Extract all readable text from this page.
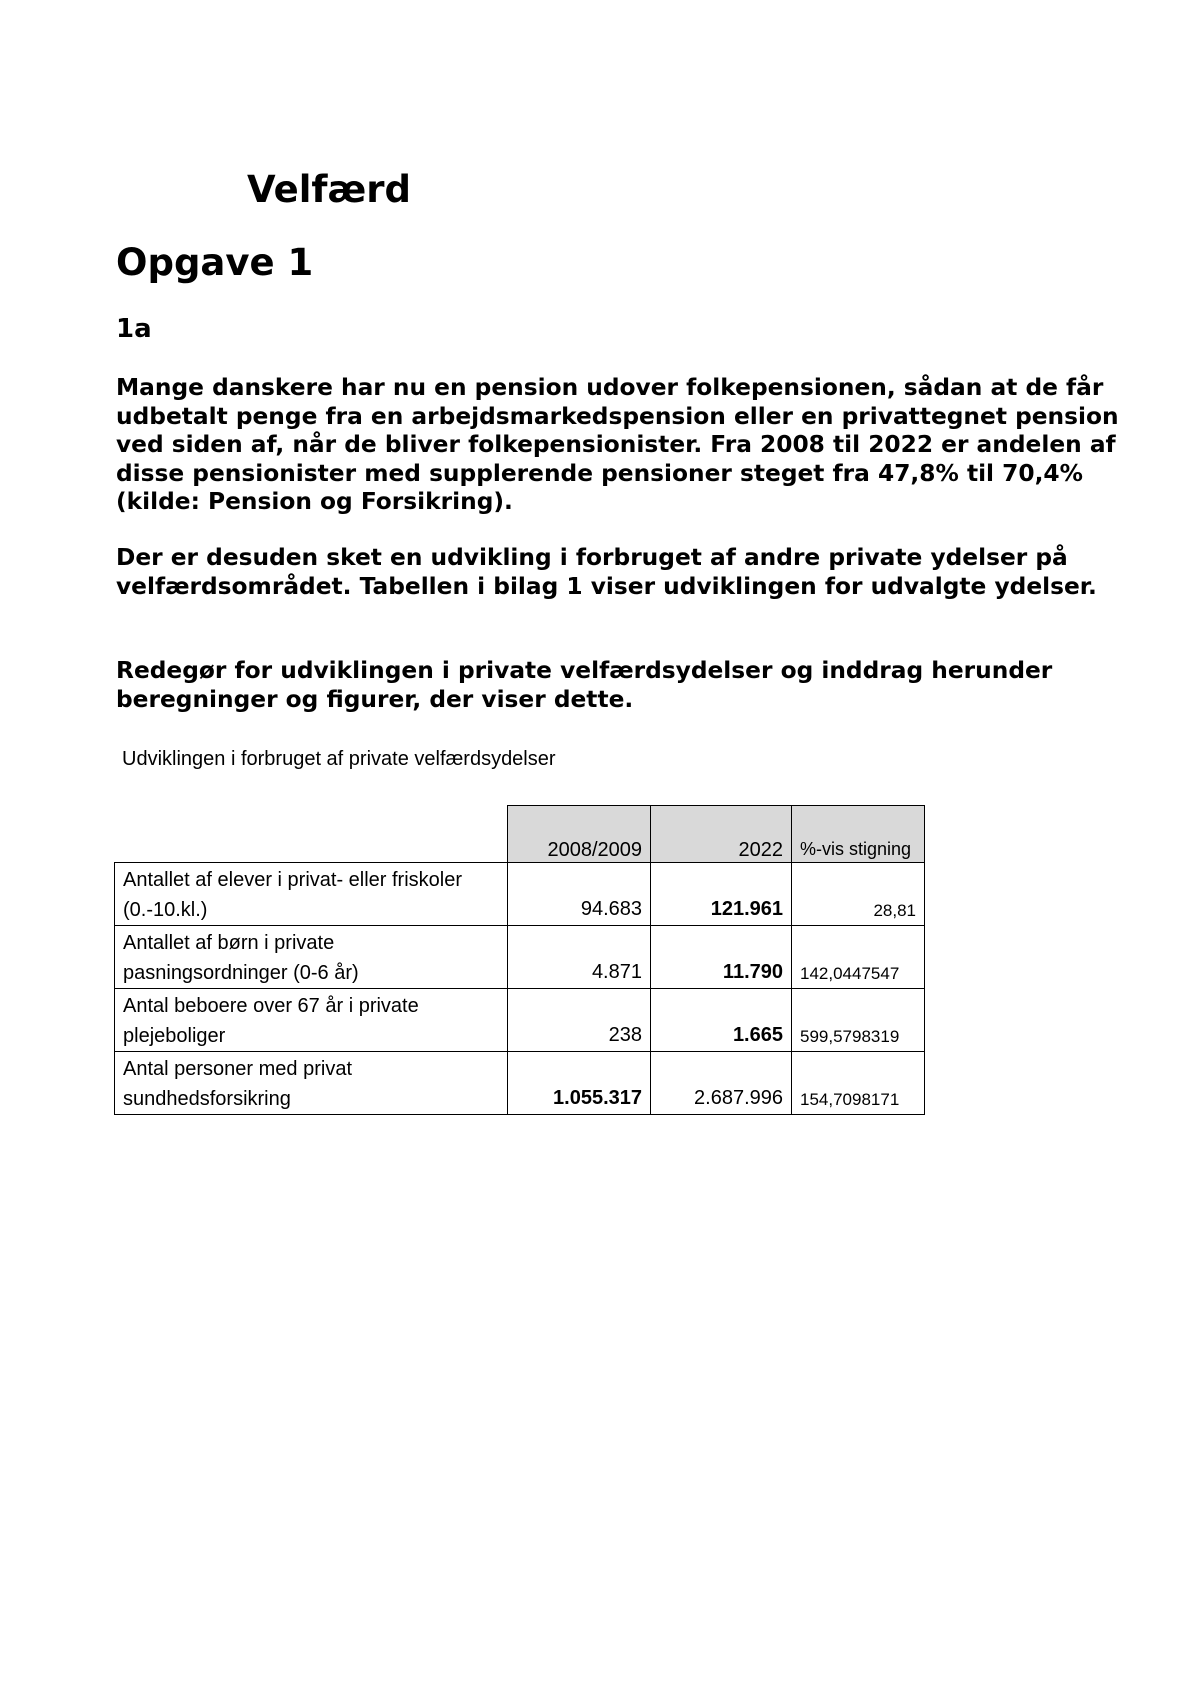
Velfærd
Opgave 1
1a

Mange danskere har nu en pension udover folkepensionen, sådan at de får udbetalt penge fra en arbejdsmarkedspension eller en privattegnet pension ved siden af, når de bliver folkepensionister. Fra 2008 til 2022 er andelen af disse pensionister med supplerende pensioner steget fra 47,8% til 70,4% (kilde: Pension og Forsikring).

Der er desuden sket en udvikling i forbruget af andre private ydelser på velfærdsområdet. Tabellen i bilag 1 viser udviklingen for udvalgte ydelser.

Redegør for udviklingen i private velfærdsydelser og inddrag herunder beregninger og figurer, der viser dette.

Udviklingen i forbruget af private velfærdsydelser

	2008/2009	2022	%-vis stigning
Antallet af elever i privat- eller friskoler (0.-10.kl.)	94.683	121.961	28,81
Antallet af børn i private pasningsordninger (0-6 år)	4.871	11.790	142,0447547
Antal beboere over 67 år i private plejeboliger	238	1.665	599,5798319
Antal personer med privat sundhedsforsikring	1.055.317	2.687.996	154,7098171
